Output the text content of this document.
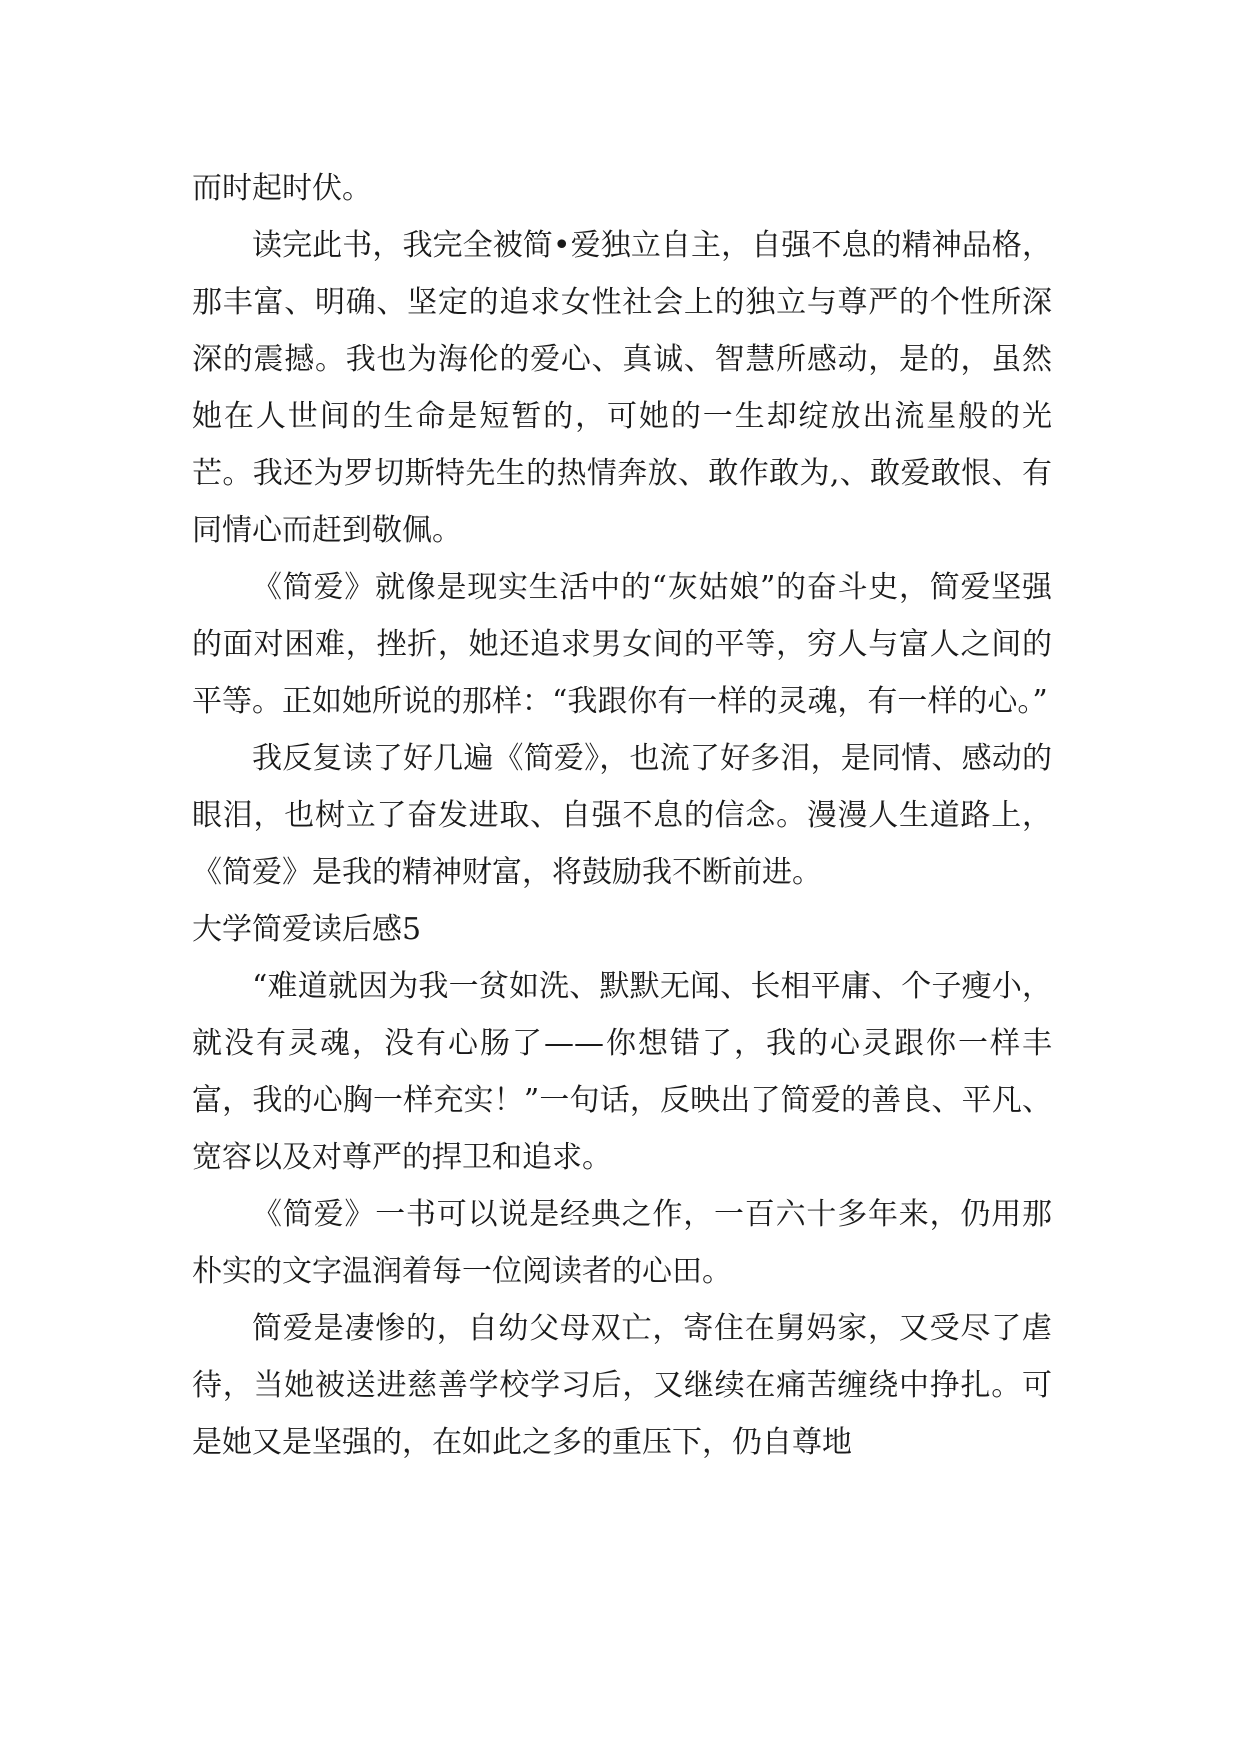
而时起时伏。

读完此书，我完全被简•爱独立自主，自强不息的精神品格，那丰富、明确、坚定的追求女性社会上的独立与尊严的个性所深深的震撼。我也为海伦的爱心、真诚、智慧所感动，是的，虽然她在人世间的生命是短暂的，可她的一生却绽放出流星般的光芒。我还为罗切斯特先生的热情奔放、敢作敢为,、敢爱敢恨、有同情心而赶到敬佩。

《简爱》就像是现实生活中的“灰姑娘”的奋斗史，简爱坚强的面对困难，挫折，她还追求男女间的平等，穷人与富人之间的平等。正如她所说的那样：“我跟你有一样的灵魂，有一样的心。”

我反复读了好几遍《简爱》，也流了好多泪，是同情、感动的眼泪，也树立了奋发进取、自强不息的信念。漫漫人生道路上，《简爱》是我的精神财富，将鼓励我不断前进。

大学简爱读后感5

“难道就因为我一贫如洗、默默无闻、长相平庸、个子瘦小，就没有灵魂，没有心肠了——你想错了，我的心灵跟你一样丰富，我的心胸一样充实！”一句话，反映出了简爱的善良、平凡、宽容以及对尊严的捍卫和追求。

《简爱》一书可以说是经典之作，一百六十多年来，仍用那朴实的文字温润着每一位阅读者的心田。

简爱是凄惨的，自幼父母双亡，寄住在舅妈家，又受尽了虐待，当她被送进慈善学校学习后，又继续在痛苦缠绕中挣扎。可是她又是坚强的，在如此之多的重压下，仍自尊地
